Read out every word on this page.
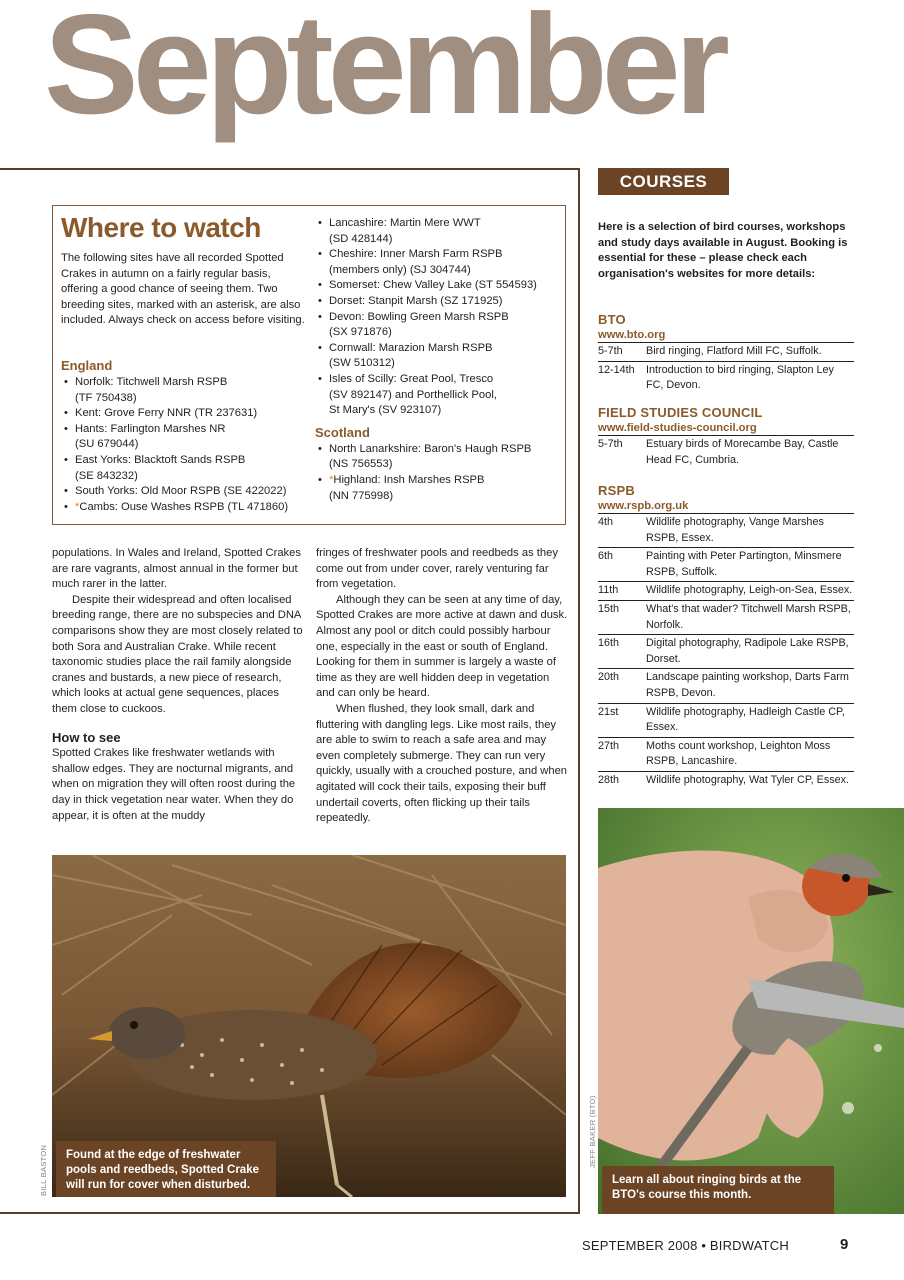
September
Where to watch
The following sites have all recorded Spotted Crakes in autumn on a fairly regular basis, offering a good chance of seeing them. Two breeding sites, marked with an asterisk, are also included. Always check on access before visiting.
England
• Norfolk: Titchwell Marsh RSPB
(TF 750438)
• Kent: Grove Ferry NNR (TR 237631)
• Hants: Farlington Marshes NR
(SU 679044)
• East Yorks: Blacktoft Sands RSPB
(SE 843232)
• South Yorks: Old Moor RSPB (SE 422022)
• *Cambs: Ouse Washes RSPB (TL 471860)
• Lancashire: Martin Mere WWT
(SD 428144)
• Cheshire: Inner Marsh Farm RSPB
(members only) (SJ 304744)
• Somerset: Chew Valley Lake (ST 554593)
• Dorset: Stanpit Marsh (SZ 171925)
• Devon: Bowling Green Marsh RSPB
(SX 971876)
• Cornwall: Marazion Marsh RSPB
(SW 510312)
• Isles of Scilly: Great Pool, Tresco
(SV 892147) and Porthellick Pool,
St Mary's (SV 923107)
Scotland
• North Lanarkshire: Baron's Haugh RSPB
(NS 756553)
• *Highland: Insh Marshes RSPB
(NN 775998)

populations. In Wales and Ireland, Spotted Crakes are rare vagrants, almost annual in the former but much rarer in the latter.

Despite their widespread and often localised breeding range, there are no subspecies and DNA comparisons show they are most closely related to both Sora and Australian Crake. While recent taxonomic studies place the rail family alongside cranes and bustards, a new piece of research, which looks at actual gene sequences, places them close to cuckoos.

How to see

Spotted Crakes like freshwater wetlands with shallow edges. They are nocturnal migrants, and when on migration they will often roost during the day in thick vegetation near water. When they do appear, it is often at the muddy

fringes of freshwater pools and reedbeds as they come out from under cover, rarely venturing far from vegetation.

Although they can be seen at any time of day, Spotted Crakes are more active at dawn and dusk. Almost any pool or ditch could possibly harbour one, especially in the east or south of England. Looking for them in summer is largely a waste of time as they are well hidden deep in vegetation and can only be heard.

When flushed, they look small, dark and fluttering with dangling legs. Like most rails, they are able to swim to reach a safe area and may even completely submerge. They can run very quickly, usually with a crouched posture, and when agitated will cock their tails, exposing their buff undertail coverts, often flicking up their tails repeatedly.

Found at the edge of freshwater pools and reedbeds, Spotted Crake will run for cover when disturbed.
BILL BASTON
COURSES
Here is a selection of bird courses, workshops and study days available in August. Booking is essential for these – please check each organisation's websites for more details:
BTO
www.bto.org
5-7th	Bird ringing, Flatford Mill FC, Suffolk.
12-14th	Introduction to bird ringing, Slapton Ley FC, Devon.
FIELD STUDIES COUNCIL
www.field-studies-council.org
5-7th	Estuary birds of Morecambe Bay, Castle Head FC, Cumbria.
RSPB
www.rspb.org.uk
4th	Wildlife photography, Vange Marshes RSPB, Essex.
6th	Painting with Peter Partington, Minsmere RSPB, Suffolk.
11th	Wildlife photography, Leigh-on-Sea, Essex.
15th	What's that wader? Titchwell Marsh RSPB, Norfolk.
16th	Digital photography, Radipole Lake RSPB, Dorset.
20th	Landscape painting workshop, Darts Farm RSPB, Devon.
21st	Wildlife photography, Hadleigh Castle CP, Essex.
27th	Moths count workshop, Leighton Moss RSPB, Lancashire.
28th	Wildlife photography, Wat Tyler CP, Essex.
Learn all about ringing birds at the BTO's course this month.
JEFF BAKER (BTO)
SEPTEMBER 2008 • BIRDWATCH	9
